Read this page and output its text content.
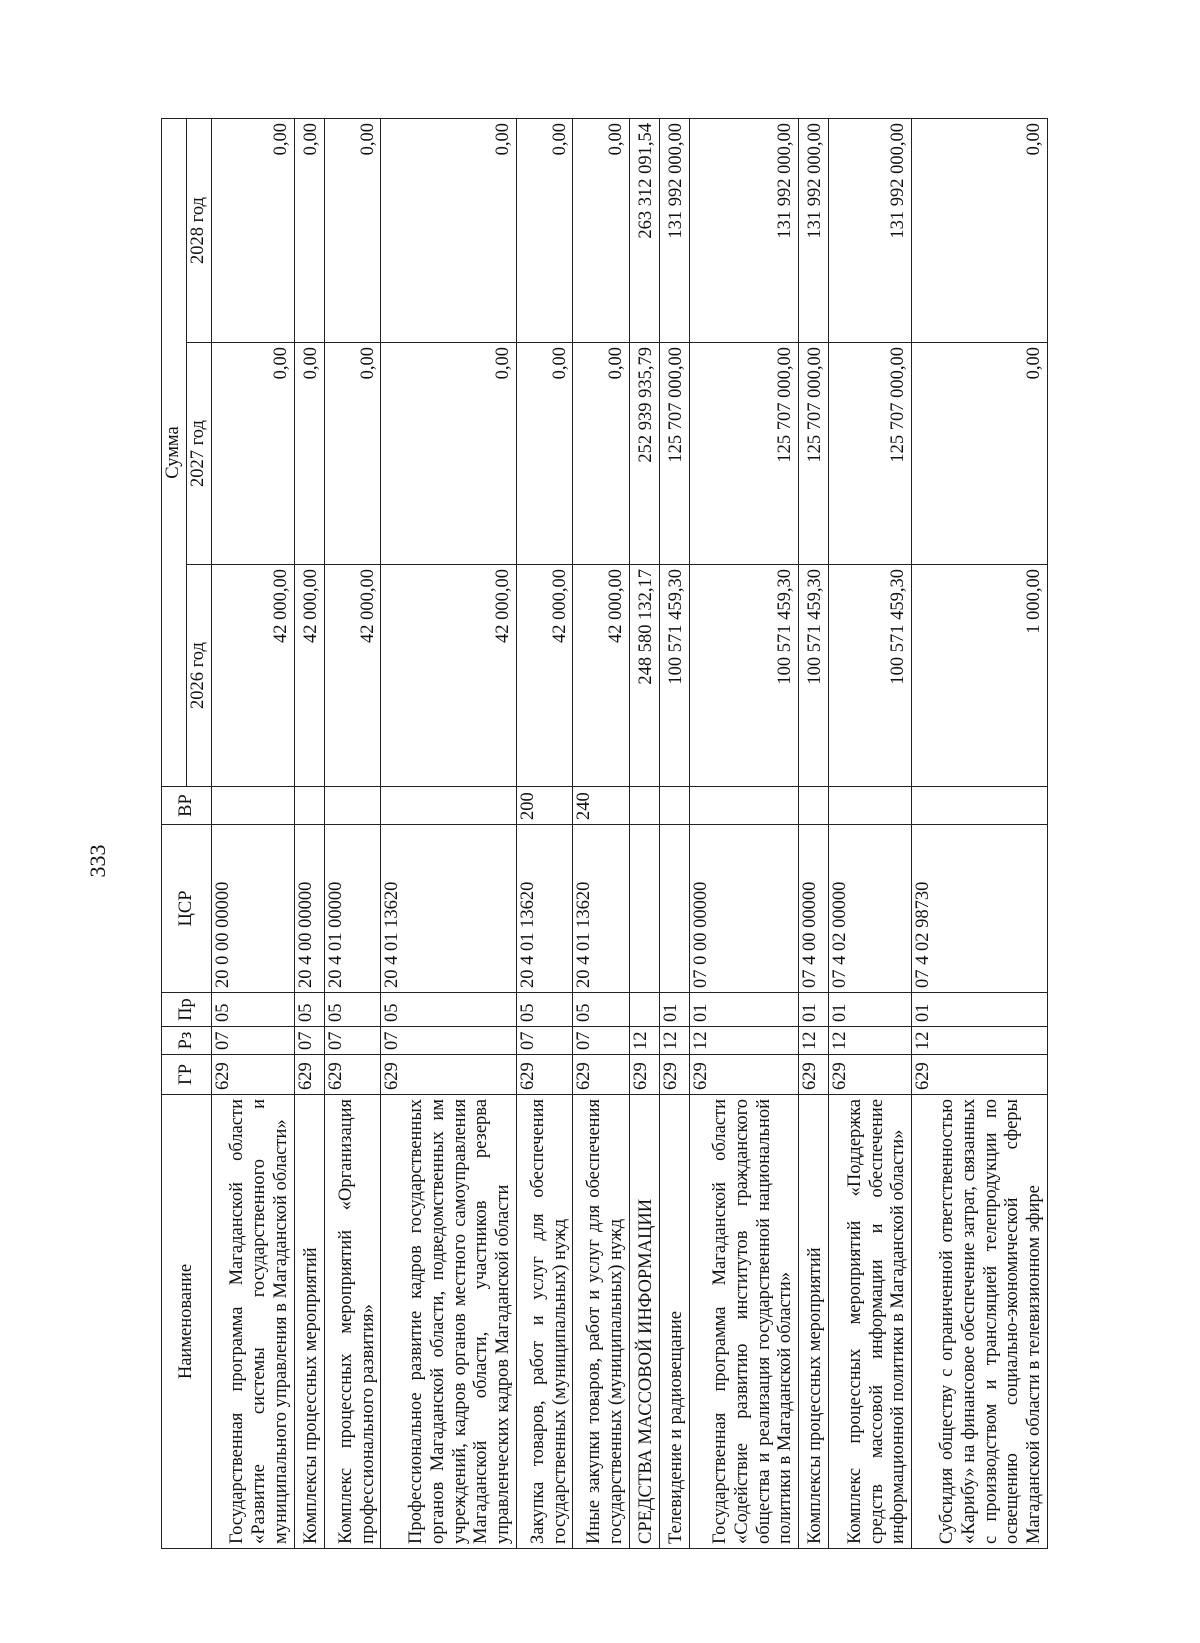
333
Наименование	ГР	Рз	Пр	ЦСР	ВР	Сумма		
						2026 год	2027 год	2028 год
Государственная программа Магаданской области «Развитие системы государственного и муниципального управления в Магаданской области»	629	07	05	20 0 00 00000		42 000,00	0,00	0,00
Комплексы процессных мероприятий	629	07	05	20 4 00 00000		42 000,00	0,00	0,00
Комплекс процессных мероприятий «Организация профессионального развития»	629	07	05	20 4 01 00000		42 000,00	0,00	0,00
Профессиональное развитие кадров государственных органов Магаданской области, подведомственных им учреждений, кадров органов местного самоуправления Магаданской области, участников резерва управленческих кадров Магаданской области	629	07	05	20 4 01 13620		42 000,00	0,00	0,00
Закупка товаров, работ и услуг для обеспечения государственных (муниципальных) нужд	629	07	05	20 4 01 13620	200	42 000,00	0,00	0,00
Иные закупки товаров, работ и услуг для обеспечения государственных (муниципальных) нужд	629	07	05	20 4 01 13620	240	42 000,00	0,00	0,00
СРЕДСТВА МАССОВОЙ ИНФОРМАЦИИ	629	12				248 580 132,17	252 939 935,79	263 312 091,54
Телевидение и радиовещание	629	12	01			100 571 459,30	125 707 000,00	131 992 000,00
Государственная программа Магаданской области «Содействие развитию институтов гражданского общества и реализация государственной национальной политики в Магаданской области»	629	12	01	07 0 00 00000		100 571 459,30	125 707 000,00	131 992 000,00
Комплексы процессных мероприятий	629	12	01	07 4 00 00000		100 571 459,30	125 707 000,00	131 992 000,00
Комплекс процессных мероприятий «Поддержка средств массовой информации и обеспечение информационной политики в Магаданской области»	629	12	01	07 4 02 00000		100 571 459,30	125 707 000,00	131 992 000,00
Субсидия обществу с ограниченной ответственностью «Карибу» на финансовое обеспечение затрат, связанных с производством и трансляцией телепродукции по освещению социально-экономической сферы Магаданской области в телевизионном эфире	629	12	01	07 4 02 98730		1 000,00	0,00	0,00
